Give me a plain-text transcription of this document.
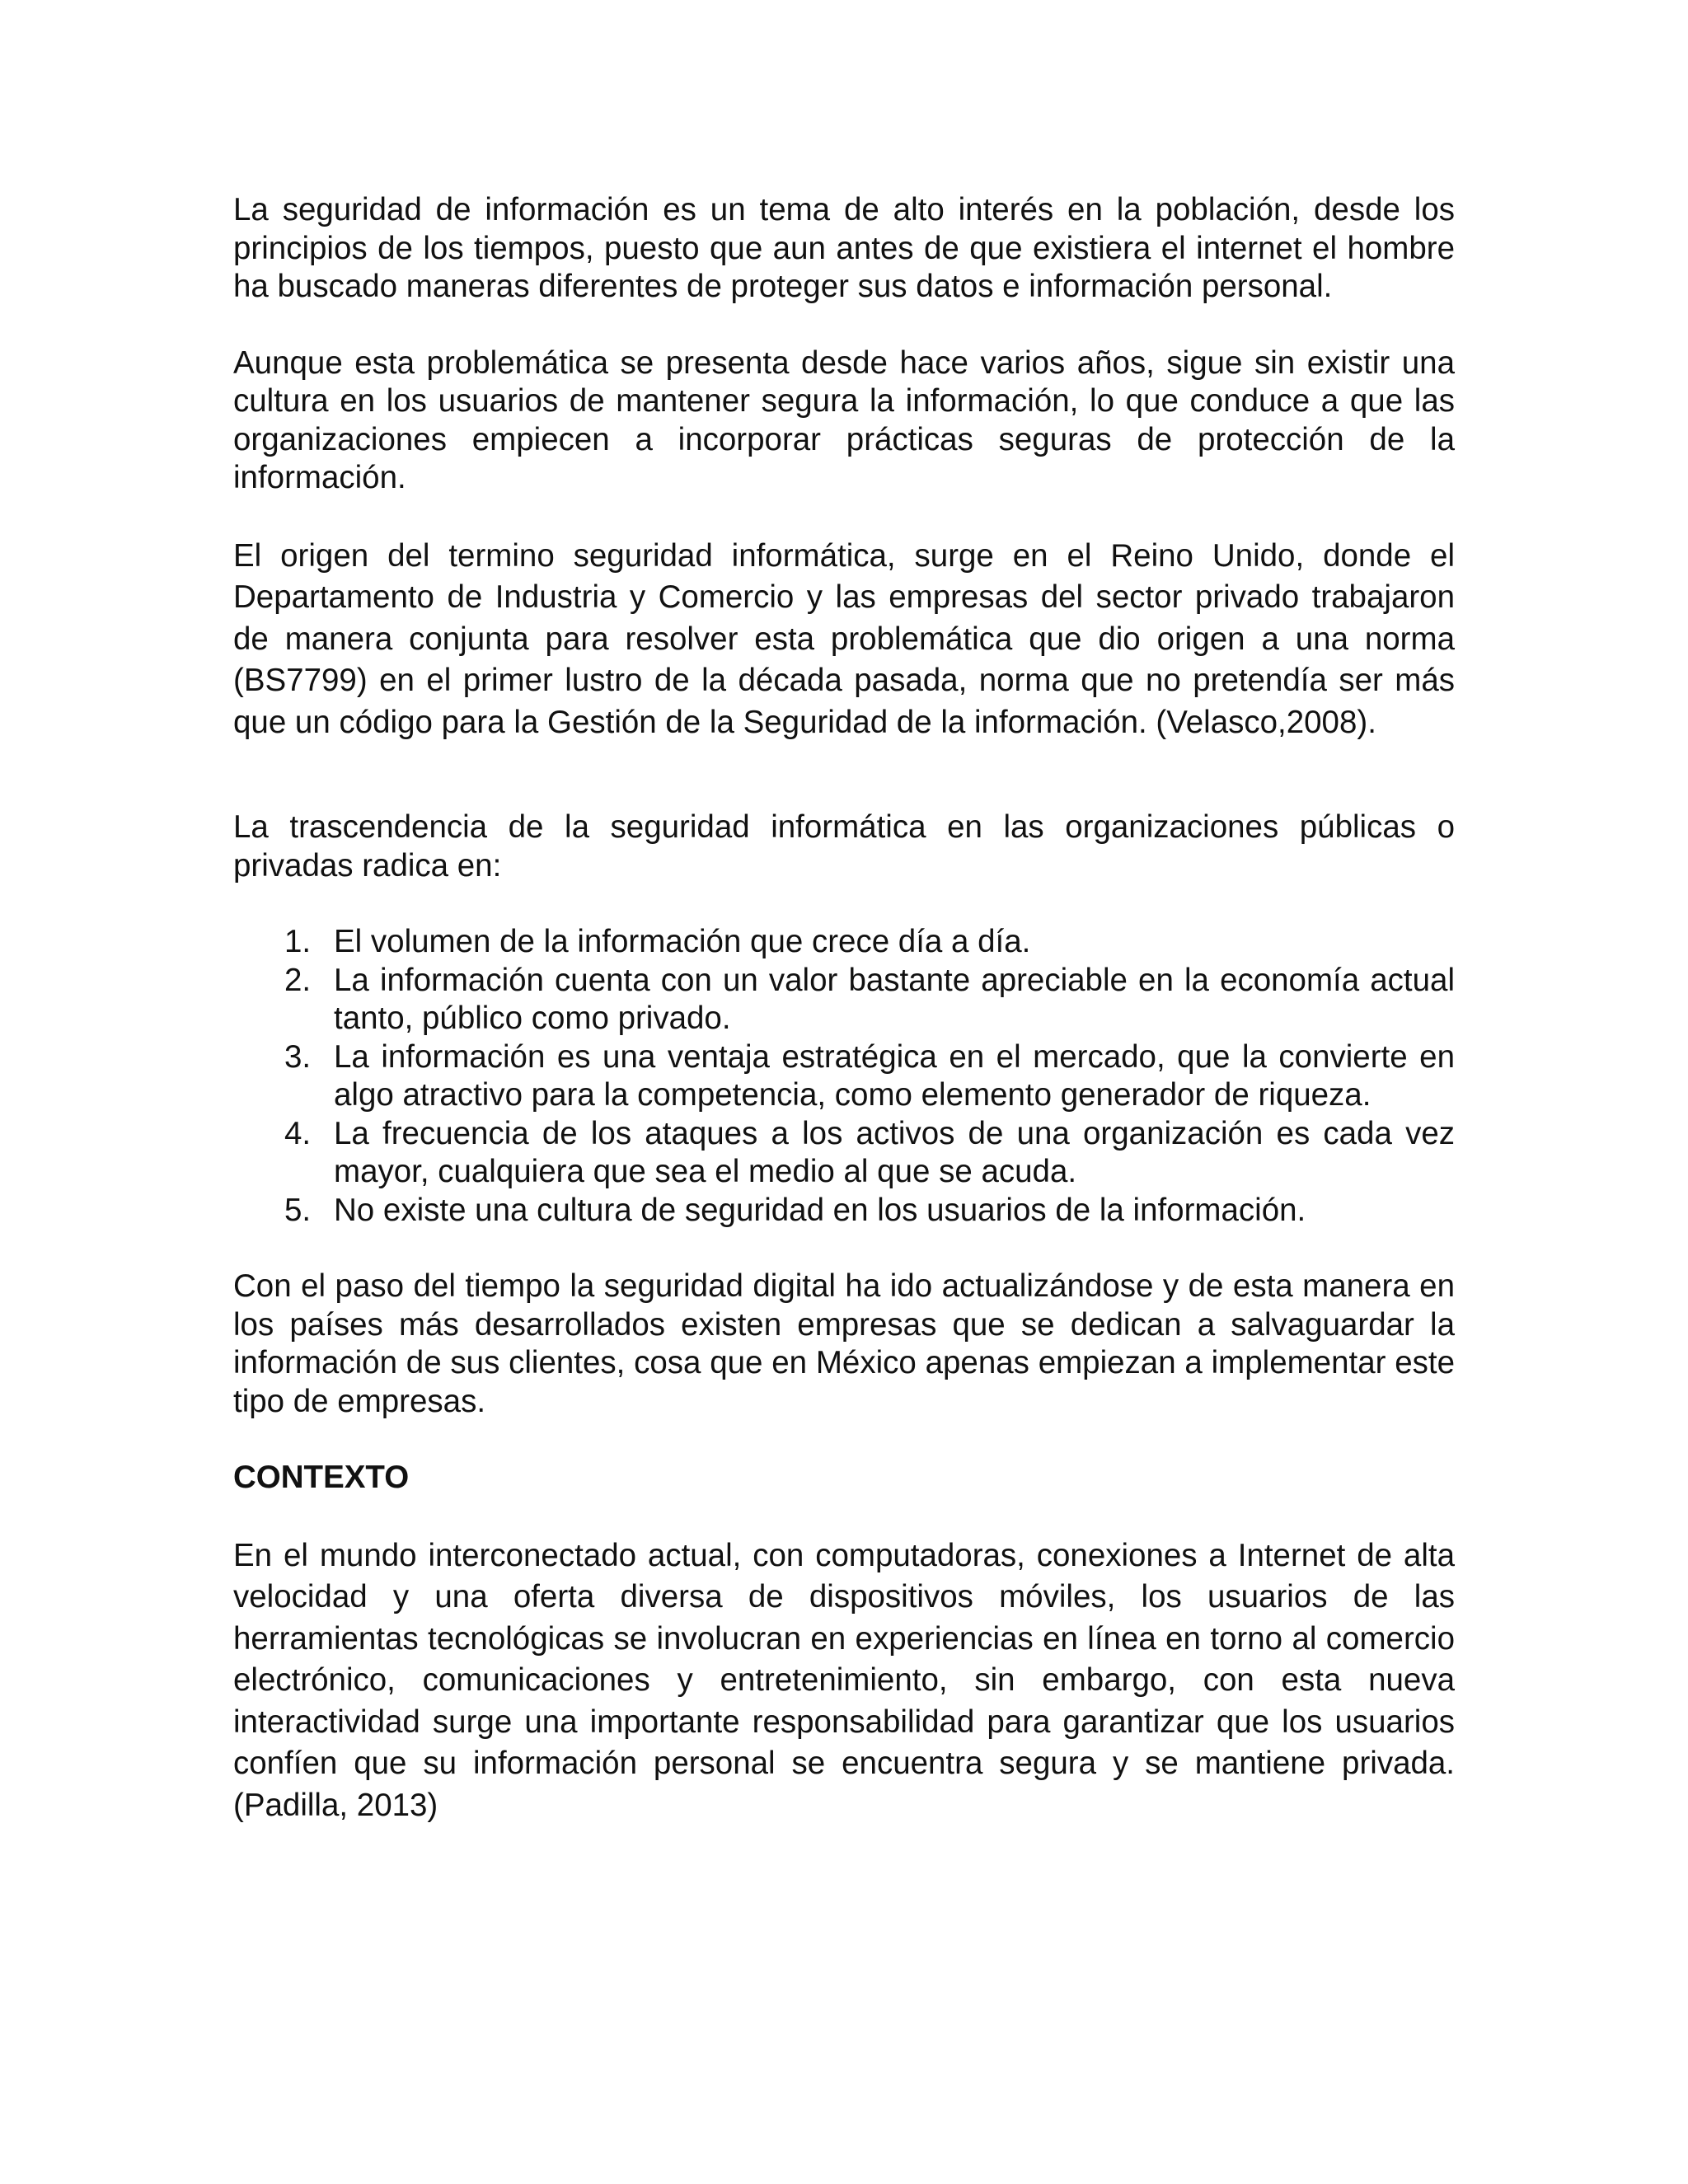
La seguridad de información es un tema de alto interés en la población, desde los principios de los tiempos, puesto que aun antes de que existiera el internet el hombre ha buscado maneras diferentes de proteger sus datos e información personal.

Aunque esta problemática se presenta desde hace varios años, sigue sin existir una cultura en los usuarios de mantener segura la información, lo que conduce a que las organizaciones empiecen a incorporar prácticas seguras de protección de la información.

El origen del termino seguridad informática, surge en el Reino Unido, donde el Departamento de Industria y Comercio y las empresas del sector privado trabajaron de manera conjunta para resolver esta problemática que dio origen a una norma (BS7799) en el primer lustro de la década pasada, norma que no pretendía ser más que un código para la Gestión de la Seguridad de la información. (Velasco,2008).

La trascendencia de la seguridad informática en las organizaciones públicas o privadas radica en:

1. El volumen de la información que crece día a día.
2. La información cuenta con un valor bastante apreciable en la economía actual tanto, público como privado.
3. La información es una ventaja estratégica en el mercado, que la convierte en algo atractivo para la competencia, como elemento generador de riqueza.
4. La frecuencia de los ataques a los activos de una organización es cada vez mayor, cualquiera que sea el medio al que se acuda.
5. No existe una cultura de seguridad en los usuarios de la información.

Con el paso del tiempo la seguridad digital ha ido actualizándose y de esta manera en los países más desarrollados existen empresas que se dedican a salvaguardar la información de sus clientes, cosa que en México apenas empiezan a implementar este tipo de empresas.

CONTEXTO

En el mundo interconectado actual, con computadoras, conexiones a Internet de alta velocidad y una oferta diversa de dispositivos móviles, los usuarios de las herramientas tecnológicas se involucran en experiencias en línea en torno al comercio electrónico, comunicaciones y entretenimiento, sin embargo, con esta nueva interactividad surge una importante responsabilidad para garantizar que los usuarios confíen que su información personal se encuentra segura y se mantiene privada. (Padilla, 2013)
